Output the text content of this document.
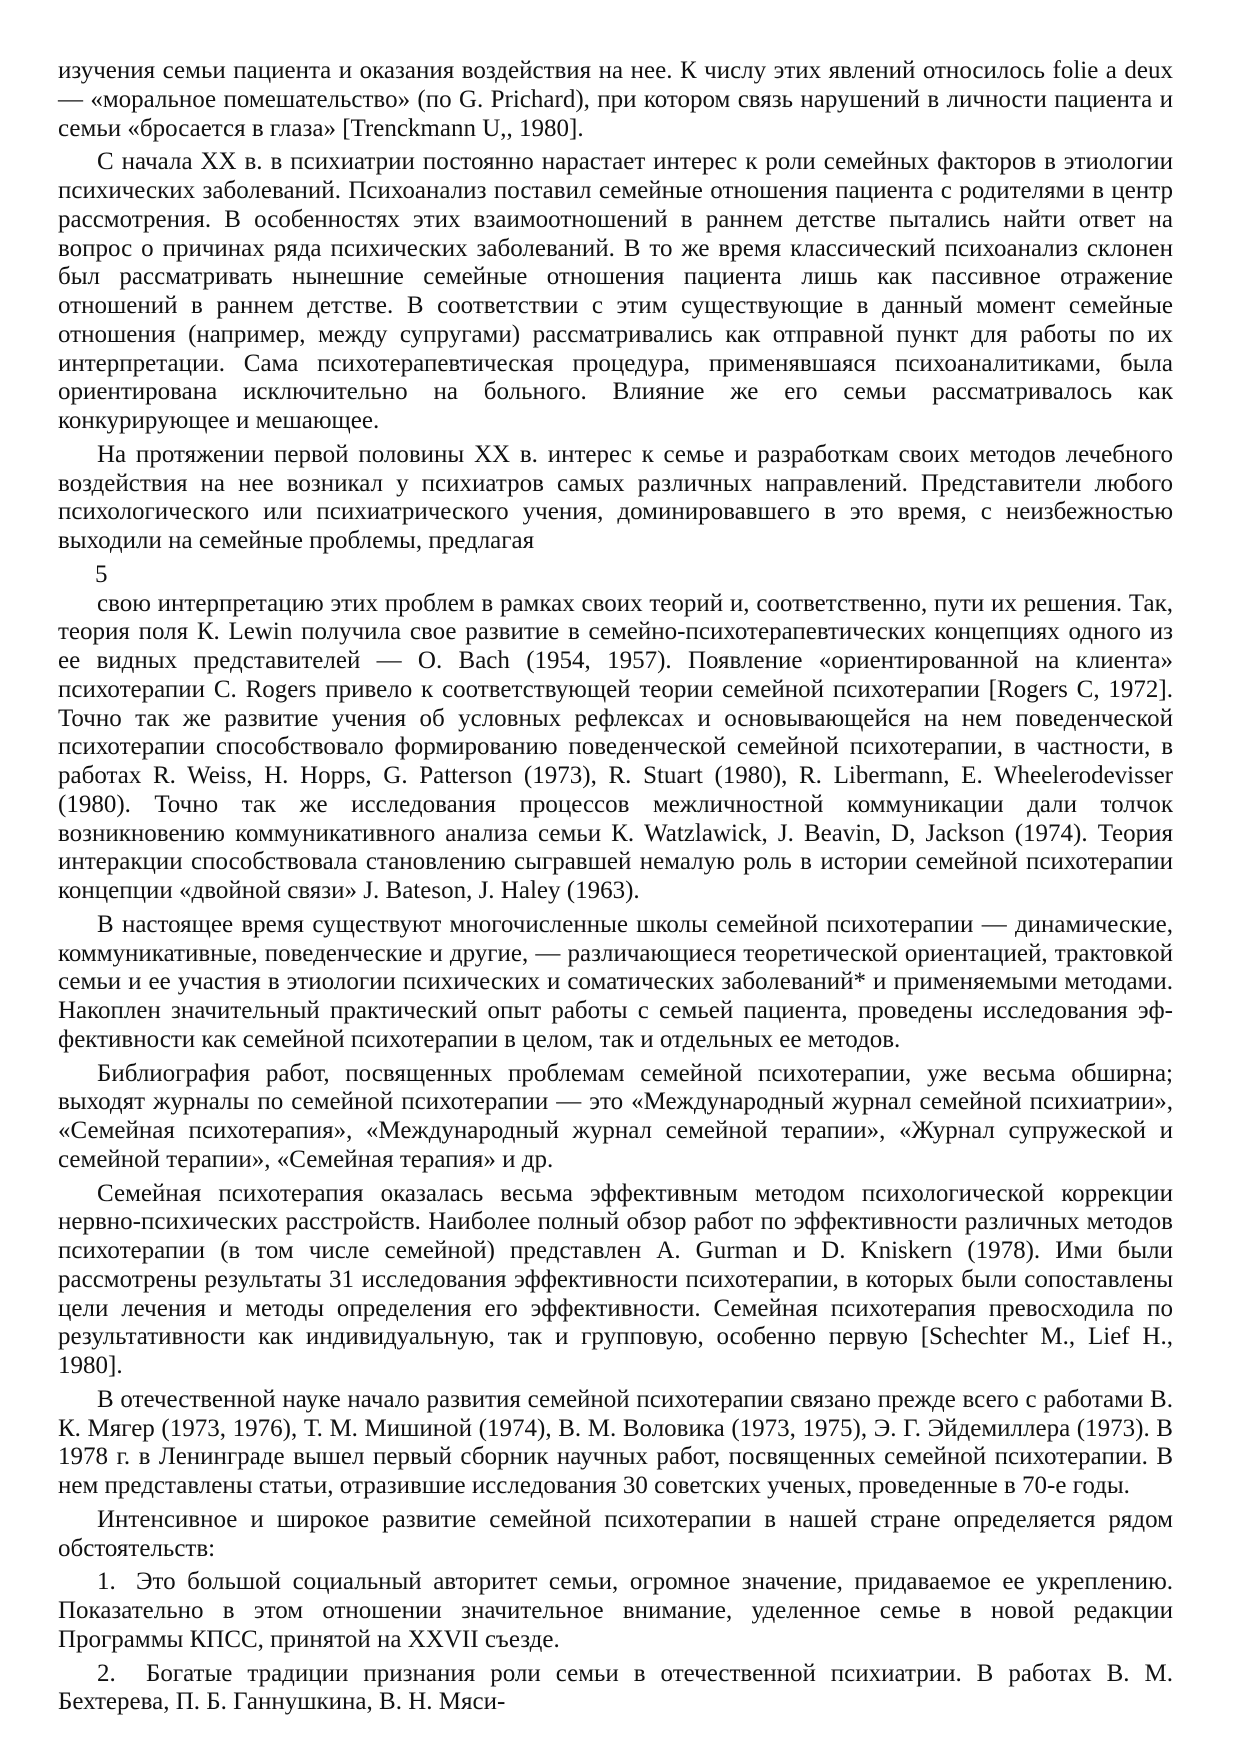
изучения семьи пациента и оказания воздействия на нее. К числу этих явлений относилось folie a deux
— «моральное помешательство» (по G. Prichard), при котором связь нарушений в личности пациента и
семьи «бросается в глаза» [Trenckmann U,, 1980].
С начала XX в. в психиатрии постоянно нарастает интерес к роли семейных факторов в этиологии
психических заболеваний. Психоанализ поставил семейные отношения пациента с родителями в центр
рассмотрения. В особенностях этих взаимоотношений в раннем детстве пытались найти ответ на
вопрос о причинах ряда психических заболеваний. В то же время классический психоанализ склонен
был рассматривать нынешние семейные отношения пациента лишь как пассивное отражение
отношений в раннем детстве. В соответствии с этим существующие в данный момент семейные
отношения (например, между супругами) рассматривались как отправной пункт для работы по их
интерпретации. Сама психотерапевтическая процедура, применявшаяся психоаналитиками, была
ориентирована исключительно на больного. Влияние же его семьи рассматривалось как
конкурирующее и мешающее.
На протяжении первой половины XX в. интерес к семье и разработкам своих методов лечебного
воздействия на нее возникал у психиатров самых различных направлений. Представители любого
психологического или психиатрического учения, доминировавшего в это время, с неизбежностью
выходили на семейные проблемы, предлагая
5
свою интерпретацию этих проблем в рамках своих теорий и, соответственно, пути их решения. Так,
теория поля К. Lewin получила свое развитие в семейно-психотерапевтических концепциях одного из
ее видных представителей — О. Bach (1954, 1957). Появление «ориентированной на клиента»
психотерапии С. Rogers привело к соответствующей теории семейной психотерапии [Rogers C, 1972].
Точно так же развитие учения об условных рефлексах и основывающейся на нем поведенческой
психотерапии способствовало формированию поведенческой семейной психотерапии, в частности, в
работах R. Weiss, H. Hopps, G. Patterson (1973), R. Stuart (1980), R. Libermann, E. Wheelerodevisser
(1980). Точно так же исследования процессов межличностной коммуникации дали толчок
возникновению коммуникативного анализа семьи К. Watzlawick, J. Beavin, D, Jackson (1974). Теория
интеракции способствовала становлению сыгравшей немалую роль в истории семейной психотерапии
концепции «двойной связи» J. Bateson, J. Haley (1963).
В настоящее время существуют многочисленные школы семейной психотерапии — динамические,
коммуникативные, поведенческие и другие, — различающиеся теоретической ориентацией, трактовкой
семьи и ее участия в этиологии психических и соматических заболеваний* и применяемыми методами.
Накоплен значительный практический опыт работы с семьей пациента, проведены исследования эф-
фективности как семейной психотерапии в целом, так и отдельных ее методов.
Библиография работ, посвященных проблемам семейной психотерапии, уже весьма обширна;
выходят журналы по семейной психотерапии — это «Международный журнал семейной психиатрии»,
«Семейная психотерапия», «Международный журнал семейной терапии», «Журнал супружеской и
семейной терапии», «Семейная терапия» и др.
Семейная психотерапия оказалась весьма эффективным методом психологической коррекции
нервно-психических расстройств. Наиболее полный обзор работ по эффективности различных методов
психотерапии (в том числе семейной) представлен A. Gurman и D. Kniskern (1978). Ими были
рассмотрены результаты 31 исследования эффективности психотерапии, в которых были сопоставлены
цели лечения и методы определения его эффективности. Семейная психотерапия превосходила по
результативности как индивидуальную, так и групповую, особенно первую [Schechter M., Lief H.,
1980].
В отечественной науке начало развития семейной психотерапии связано прежде всего с работами В.
К. Мягер (1973, 1976), Т. М. Мишиной (1974), В. М. Воловика (1973, 1975), Э. Г. Эйдемиллера (1973). В
1978 г. в Ленинграде вышел первый сборник научных работ, посвященных семейной психотерапии. В
нем представлены статьи, отразившие исследования 30 советских ученых, проведенные в 70-е годы.
Интенсивное и широкое развитие семейной психотерапии в нашей стране определяется рядом
обстоятельств:
1. Это большой социальный авторитет семьи, огромное значение, придаваемое ее укреплению.
Показательно в этом отношении значительное внимание, уделенное семье в новой редакции
Программы КПСС, принятой на XXVII съезде.
2. Богатые традиции признания роли семьи в отечественной психиатрии. В работах В. М.
Бехтерева, П. Б. Ганнушкина, В. Н. Мяси-
